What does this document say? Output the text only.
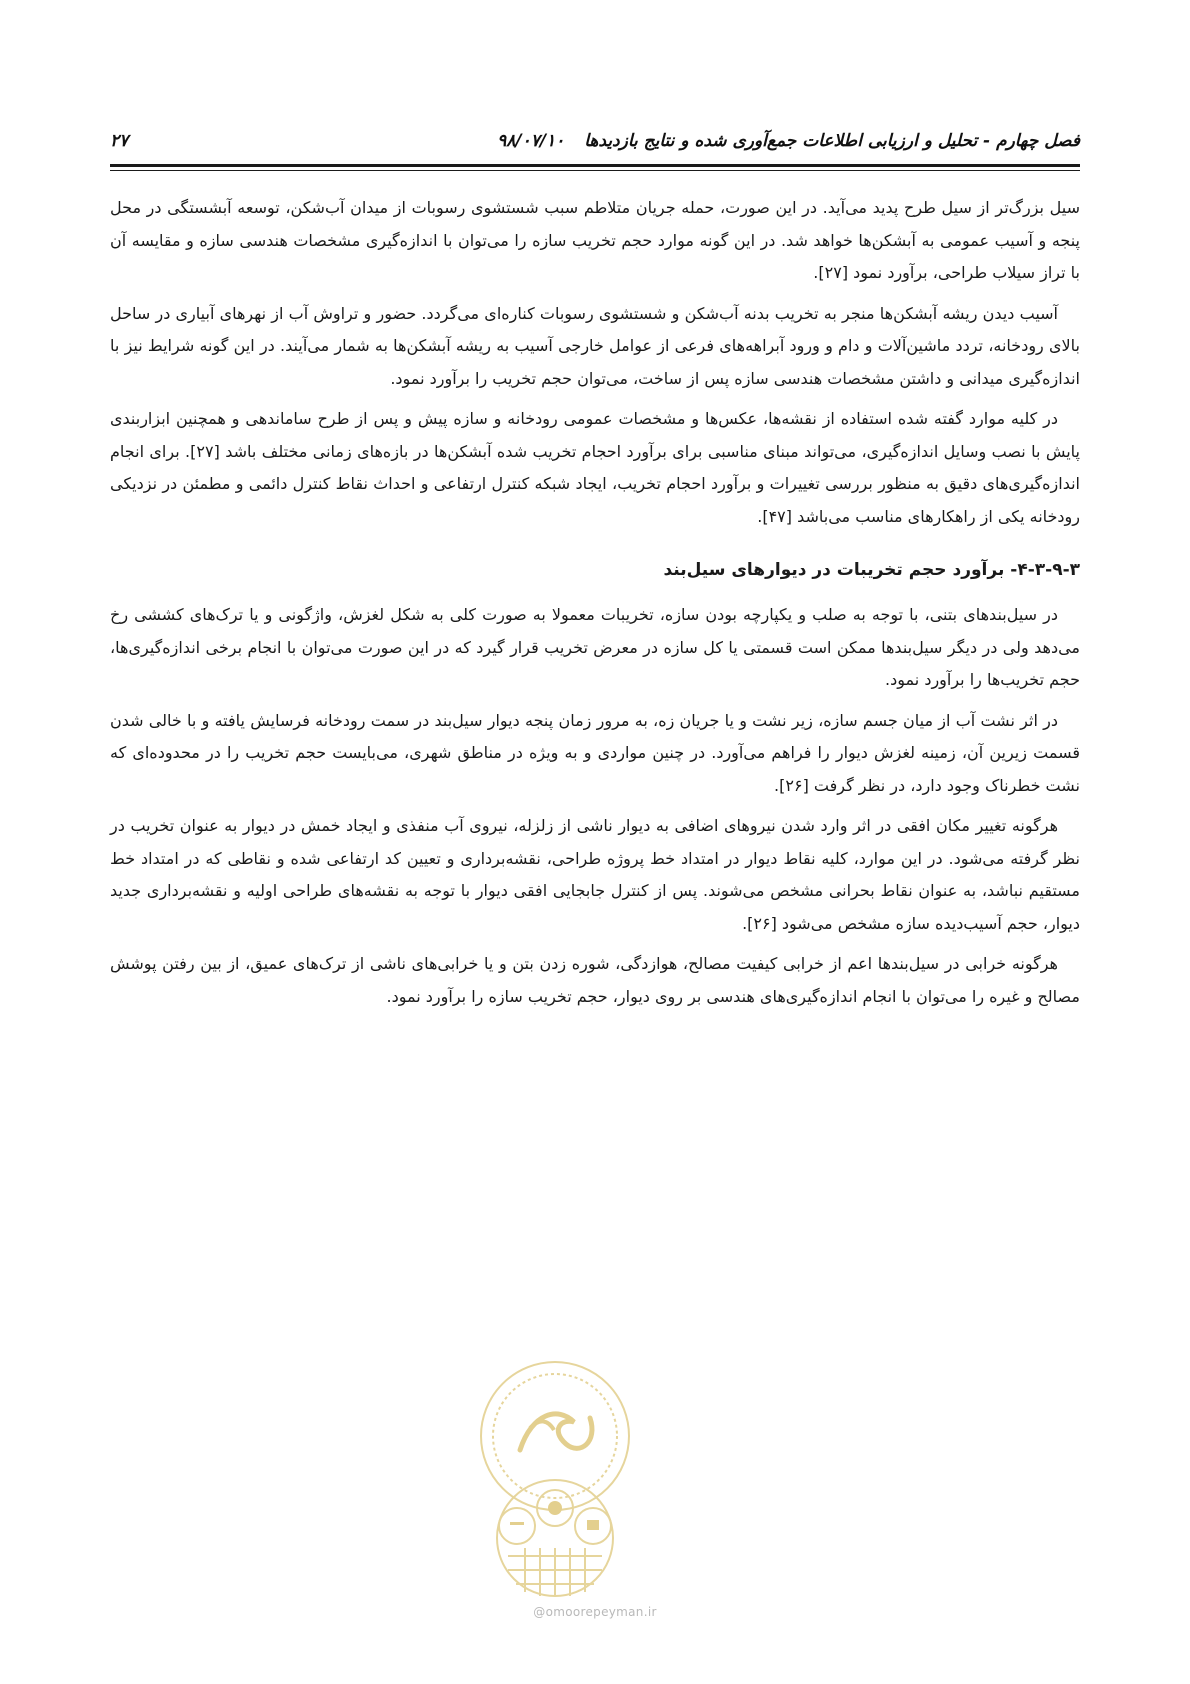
فصل چهارم - تحلیل و ارزیابی اطلاعات جمع‌آوری شده و نتایج بازدیدها ۹۸/۰۷/۱۰
۲۷

سیل بزرگ‌تر از سیل طرح پدید می‌آید. در این صورت، حمله جریان متلاطم سبب شستشوی رسوبات از میدان آب‌شکن، توسعه آبشستگی در محل پنجه و آسیب عمومی به آبشکن‌ها خواهد شد. در این گونه موارد حجم تخریب سازه را می‌توان با اندازه‌گیری مشخصات هندسی سازه و مقایسه آن با تراز سیلاب طراحی، برآورد نمود [۲۷].

آسیب دیدن ریشه آبشکن‌ها منجر به تخریب بدنه آب‌شکن و شستشوی رسوبات کناره‌ای می‌گردد. حضور و تراوش آب از نهرهای آبیاری در ساحل بالای رودخانه، تردد ماشین‌آلات و دام و ورود آبراهه‌های فرعی از عوامل خارجی آسیب به ریشه آبشکن‌ها به شمار می‌آیند. در این گونه شرایط نیز با اندازه‌گیری میدانی و داشتن مشخصات هندسی سازه پس از ساخت، می‌توان حجم تخریب را برآورد نمود.

در کلیه موارد گفته شده استفاده از نقشه‌ها، عکس‌ها و مشخصات عمومی رودخانه و سازه پیش و پس از طرح ساماندهی و همچنین ابزاربندی پایش با نصب وسایل اندازه‌گیری، می‌تواند مبنای مناسبی برای برآورد احجام تخریب شده آبشکن‌ها در بازه‌های زمانی مختلف باشد [۲۷]. برای انجام اندازه‌گیری‌های دقیق به منظور بررسی تغییرات و برآورد احجام تخریب، ایجاد شبکه کنترل ارتفاعی و احداث نقاط کنترل دائمی و مطمئن در نزدیکی رودخانه یکی از راهکارهای مناسب می‌باشد [۴۷].

۴-۳-۹-۳- برآورد حجم تخریبات در دیوارهای سیل‌بند

در سیل‌بندهای بتنی، با توجه به صلب و یکپارچه بودن سازه، تخریبات معمولا به صورت کلی به شکل لغزش، واژگونی و یا ترک‌های کششی رخ می‌دهد ولی در دیگر سیل‌بندها ممکن است قسمتی یا کل سازه در معرض تخریب قرار گیرد که در این صورت می‌توان با انجام برخی اندازه‌گیری‌ها، حجم تخریب‌ها را برآورد نمود.

در اثر نشت آب از میان جسم سازه، زیر نشت و یا جریان زه، به مرور زمان پنجه دیوار سیل‌بند در سمت رودخانه فرسایش یافته و با خالی شدن قسمت زیرین آن، زمینه لغزش دیوار را فراهم می‌آورد. در چنین مواردی و به ویژه در مناطق شهری، می‌بایست حجم تخریب را در محدوده‌ای که نشت خطرناک وجود دارد، در نظر گرفت [۲۶].

هرگونه تغییر مکان افقی در اثر وارد شدن نیروهای اضافی به دیوار ناشی از زلزله، نیروی آب منفذی و ایجاد خمش در دیوار به عنوان تخریب در نظر گرفته می‌شود. در این موارد، کلیه نقاط دیوار در امتداد خط پروژه طراحی، نقشه‌برداری و تعیین کد ارتفاعی شده و نقاطی که در امتداد خط مستقیم نباشد، به عنوان نقاط بحرانی مشخص می‌شوند. پس از کنترل جابجایی افقی دیوار با توجه به نقشه‌های طراحی اولیه و نقشه‌برداری جدید دیوار، حجم آسیب‌دیده سازه مشخص می‌شود [۲۶].

هرگونه خرابی در سیل‌بندها اعم از خرابی کیفیت مصالح، هوازدگی، شوره زدن بتن و یا خرابی‌های ناشی از ترک‌های عمیق، از بین رفتن پوشش مصالح و غیره را می‌توان با انجام اندازه‌گیری‌های هندسی بر روی دیوار، حجم تخریب سازه را برآورد نمود.

@omoorepeyman.ir
